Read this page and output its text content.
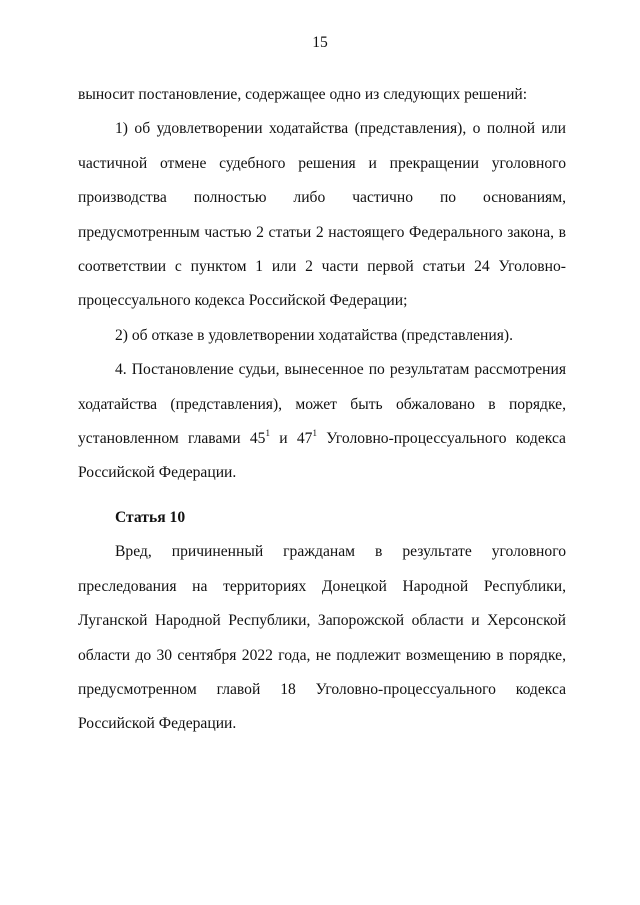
15

выносит постановление, содержащее одно из следующих решений:

1) об удовлетворении ходатайства (представления), о полной или частичной отмене судебного решения и прекращении уголовного производства полностью либо частично по основаниям, предусмотренным частью 2 статьи 2 настоящего Федерального закона, в соответствии с пунктом 1 или 2 части первой статьи 24 Уголовно-процессуального кодекса Российской Федерации;

2) об отказе в удовлетворении ходатайства (представления).

4. Постановление судьи, вынесенное по результатам рассмотрения ходатайства (представления), может быть обжаловано в порядке, установленном главами $45^1$ и $47^1$ Уголовно-процессуального кодекса Российской Федерации.

Статья 10

Вред, причиненный гражданам в результате уголовного преследования на территориях Донецкой Народной Республики, Луганской Народной Республики, Запорожской области и Херсонской области до 30 сентября 2022 года, не подлежит возмещению в порядке, предусмотренном главой 18 Уголовно-процессуального кодекса Российской Федерации.
